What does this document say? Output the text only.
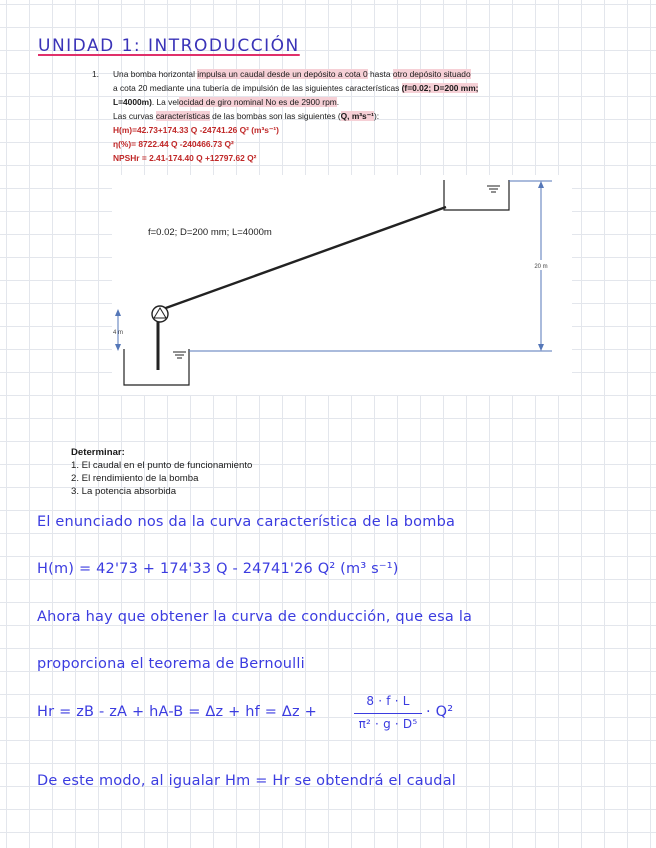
UNIDAD 1: INTRODUCCIÓN
1. Una bomba horizontal impulsa un caudal desde un depósito a cota 0 hasta otro depósito situado
a cota 20 mediante una tubería de impulsión de las siguientes características (f=0.02; D=200 mm;
L=4000m). La velocidad de giro nominal No es de 2900 rpm.
Las curvas características de las bombas son las siguientes (Q, m³s⁻¹):
H(m)=42.73+174.33 Q -24741.26 Q² (m³s⁻¹)
η(%)= 8722.44 Q -240466.73 Q²
NPSHr = 2.41-174.40 Q +12797.62 Q²
20 m
4 m
f=0.02; D=200 mm; L=4000m
Determinar:
1. El caudal en el punto de funcionamiento
2. El rendimiento de la bomba
3. La potencia absorbida
El enunciado nos da la curva característica de la bomba
H(m) = 42'73 + 174'33 Q - 24741'26 Q² (m³ s⁻¹)
Ahora hay que obtener la curva de conducción, que esa la
proporciona el teorema de Bernoulli
Hr = zB - zA + hA-B = Δz + hf = Δz +
8 · f · L
π² · g · D⁵
· Q²
De este modo, al igualar Hm = Hr se obtendrá el caudal
